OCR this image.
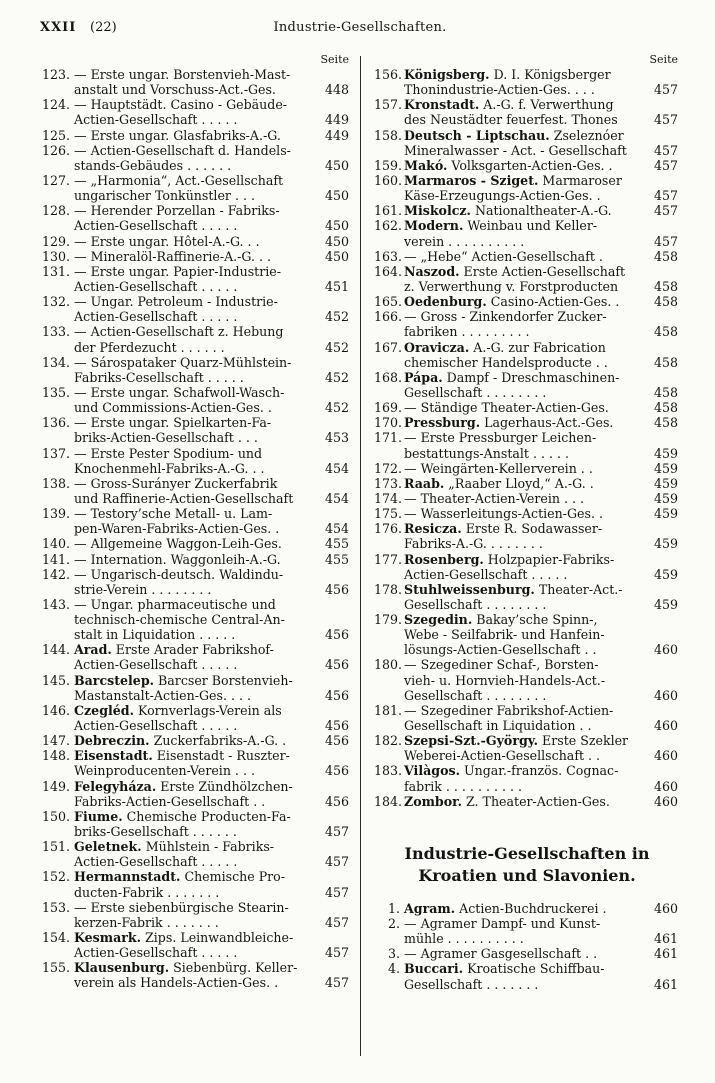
Industrie-Gesellschaften.
XXII (22)
Seite
123. — Erste ungar. Borstenvieh-Mast-
anstalt und Vorschuss-Act.-Ges.	448
124. — Hauptstädt. Casino - Gebäude-
Actien-Gesellschaft . . . . .	449
125. — Erste ungar. Glasfabriks-A.-G.	449
126. — Actien-Gesellschaft d. Handels-
stands-Gebäudes . . . . . .	450
127. — „Harmonia“, Act.-Gesellschaft
ungarischer Tonkünstler . . .	450
128. — Herender Porzellan - Fabriks-
Actien-Gesellschaft . . . . .	450
129. — Erste ungar. Hôtel-A.-G. . .	450
130. — Mineralöl-Raffinerie-A.-G. . .	450
131. — Erste ungar. Papier-Industrie-
Actien-Gesellschaft . . . . .	451
132. — Ungar. Petroleum - Industrie-
Actien-Gesellschaft . . . . .	452
133. — Actien-Gesellschaft z. Hebung
der Pferdezucht . . . . . .	452
134. — Sárospataker Quarz-Mühlstein-
Fabriks-Cesellschaft . . . . .	452
135. — Erste ungar. Schafwoll-Wasch-
und Commissions-Actien-Ges. .	452
136. — Erste ungar. Spielkarten-Fa-
briks-Actien-Gesellschaft . . .	453
137. — Erste Pester Spodium- und
Knochenmehl-Fabriks-A.-G. . .	454
138. — Gross-Surányer Zuckerfabrik
und Raffinerie-Actien-Gesellschaft	454
139. — Testory’sche Metall- u. Lam-
pen-Waren-Fabriks-Actien-Ges. .	454
140. — Allgemeine Waggon-Leih-Ges.	455
141. — Internation. Waggonleih-A.-G.	455
142. — Ungarisch-deutsch. Waldindu-
strie-Verein . . . . . . . .	456
143. — Ungar. pharmaceutische und
technisch-chemische Central-An-
stalt in Liquidation . . . . .	456
144. Arad. Erste Arader Fabrikshof-
Actien-Gesellschaft . . . . .	456
145. Barcstelep. Barcser Borstenvieh-
Mastanstalt-Actien-Ges. . . .	456
146. Czegléd. Kornverlags-Verein als
Actien-Gesellschaft . . . . .	456
147. Debreczin. Zuckerfabriks-A.-G. .	456
148. Eisenstadt. Eisenstadt - Ruszter-
Weinproducenten-Verein . . .	456
149. Felegyháza. Erste Zündhölzchen-
Fabriks-Actien-Gesellschaft . .	456
150. Fiume. Chemische Producten-Fa-
briks-Gesellschaft . . . . . .	457
151. Geletnek. Mühlstein - Fabriks-
Actien-Gesellschaft . . . . .	457
152. Hermannstadt. Chemische Pro-
ducten-Fabrik . . . . . . .	457
153. — Erste siebenbürgische Stearin-
kerzen-Fabrik . . . . . . .	457
154. Kesmark. Zips. Leinwandbleiche-
Actien-Gesellschaft . . . . .	457
155. Klausenburg. Siebenbürg. Keller-
verein als Handels-Actien-Ges. .	457
Seite
156. Königsberg. D. I. Königsberger
Thonindustrie-Actien-Ges. . . .	457
157. Kronstadt. A.-G. f. Verwerthung
des Neustädter feuerfest. Thones	457
158. Deutsch - Liptschau. Zseleznóer
Mineralwasser - Act. - Gesellschaft 457
159. Makó. Volksgarten-Actien-Ges. .	457
160. Marmaros - Sziget. Marmaroser
Käse-Erzeugungs-Actien-Ges. .	457
161. Miskolcz. Nationaltheater-A.-G.	457
162. Modern. Weinbau und Keller-
verein . . . . . . . . . .	457
163. — „Hebe“ Actien-Gesellschaft .	458
164. Naszod. Erste Actien-Gesellschaft
z. Verwerthung v. Forstproducten	458
165. Oedenburg. Casino-Actien-Ges. .	458
166. — Gross - Zinkendorfer Zucker-
fabriken . . . . . . . . .	458
167. Oravicza. A.-G. zur Fabrication
chemischer Handelsproducte . .	458
168. Pápa. Dampf - Dreschmaschinen-
Gesellschaft . . . . . . . .	458
169. — Ständige Theater-Actien-Ges.	458
170. Pressburg. Lagerhaus-Act.-Ges.	458
171. — Erste Pressburger Leichen-
bestattungs-Anstalt . . . . .	459
172. — Weingärten-Kellerverein . .	459
173. Raab. „Raaber Lloyd,“ A.-G. .	459
174. — Theater-Actien-Verein . . .	459
175. — Wasserleitungs-Actien-Ges. .	459
176. Resicza. Erste R. Sodawasser-
Fabriks-A.-G. . . . . . . .	459
177. Rosenberg. Holzpapier-Fabriks-
Actien-Gesellschaft . . . . .	459
178. Stuhlweissenburg. Theater-Act.-
Gesellschaft . . . . . . . .	459
179. Szegedin. Bakay’sche Spinn-,
Webe - Seilfabrik- und Hanfein-
lösungs-Actien-Gesellschaft . .	460
180. — Szegediner Schaf-, Borsten-
vieh- u. Hornvieh-Handels-Act.-
Gesellschaft . . . . . . . .	460
181. — Szegediner Fabrikshof-Actien-
Gesellschaft in Liquidation . .	460
182. Szepsi-Szt.-György. Erste Szekler
Weberei-Actien-Gesellschaft . .	460
183. Vilàgos. Ungar.-französ. Cognac-
fabrik . . . . . . . . . .	460
184. Zombor. Z. Theater-Actien-Ges.	460
Industrie-Gesellschaften in
Kroatien und Slavonien.
1. Agram. Actien-Buchdruckerei .	460
2. — Agramer Dampf- und Kunst-
mühle . . . . . . . . . .	461
3. — Agramer Gasgesellschaft . .	461
4. Buccari. Kroatische Schiffbau-
Gesellschaft . . . . . . .	461
